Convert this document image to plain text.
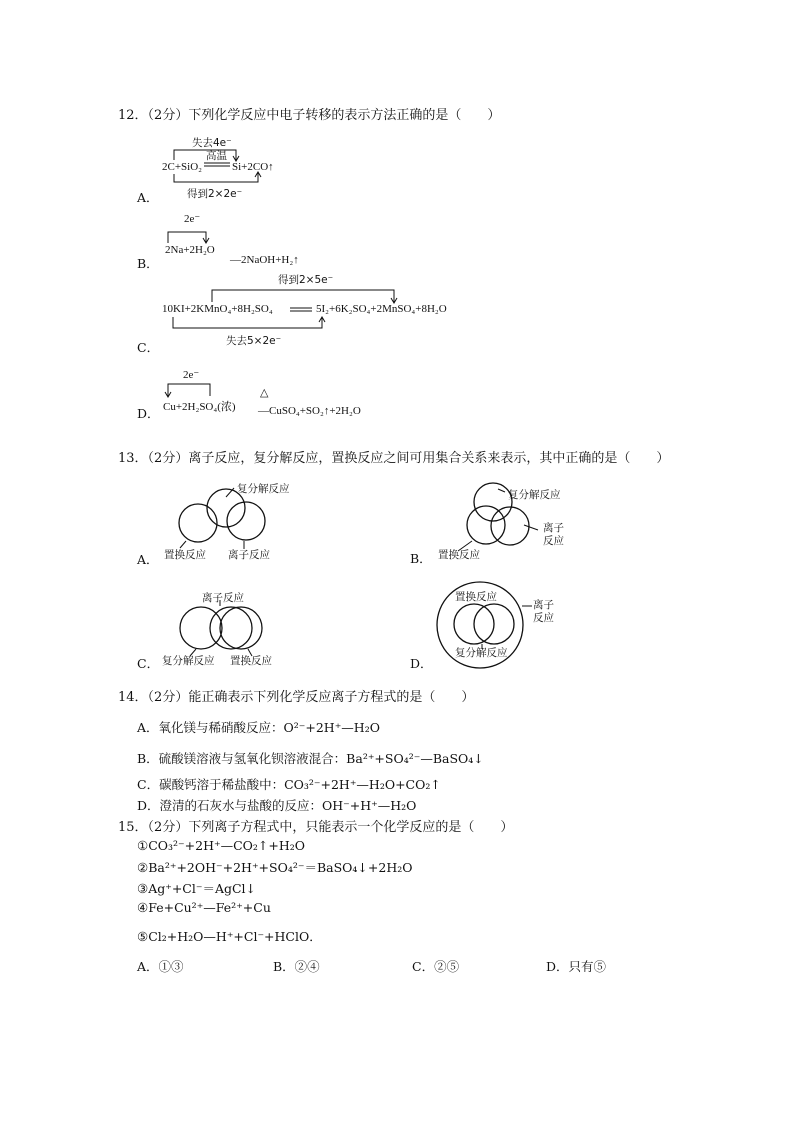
12．（2分）下列化学反应中电子转移的表示方法正确的是（　　）
A．
失去4e⁻
高温
2C+SiO₂	Si+2CO↑
得到2×2e⁻
B．
2e⁻
2Na+2H₂O
—2NaOH+H₂↑
C．
得到2×5e⁻
10KI+2KMnO₄+8H₂SO₄	5I₂+6K₂SO₄+2MnSO₄+8H₂O
失去5×2e⁻
D．
2e⁻
Cu+2H₂SO₄(浓)
△
—CuSO₄+SO₂↑+2H₂O
13．（2分）离子反应，复分解反应，置换反应之间可用集合关系来表示，其中正确的是（　　）
A．
复分解反应
置换反应 离子反应	B．
复分解反应
离子
反应
置换反应
C．
离子反应
复分解反应 置换反应	D．
置换反应
离子
反应
复分解反应
14．（2分）能正确表示下列化学反应离子方程式的是（　　）
A．氧化镁与稀硝酸反应：O²⁻+2H⁺—H₂O
B．硫酸镁溶液与氢氧化钡溶液混合：Ba²⁺+SO₄²⁻—BaSO₄↓
C．碳酸钙溶于稀盐酸中：CO₃²⁻+2H⁺—H₂O+CO₂↑
D．澄清的石灰水与盐酸的反应：OH⁻+H⁺—H₂O
15．（2分）下列离子方程式中，只能表示一个化学反应的是（　　）
①CO₃²⁻+2H⁺—CO₂↑+H₂O
②Ba²⁺+2OH⁻+2H⁺+SO₄²⁻＝BaSO₄↓+2H₂O
③Ag⁺+Cl⁻＝AgCl↓
④Fe+Cu²⁺—Fe²⁺+Cu
⑤Cl₂+H₂O—H⁺+Cl⁻+HClO．
A．①③	B．②④	C．②⑤	D．只有⑤
